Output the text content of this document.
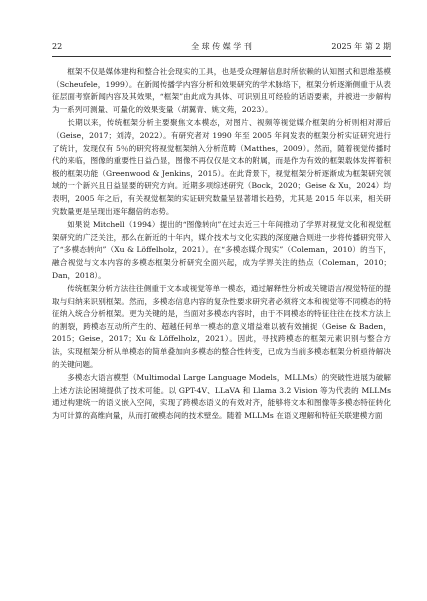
22	全 球 传 媒 学 刊	2025 年 第 2 期

框架不仅是媒体建构和整合社会现实的工具，也是受众理解信息时所依赖的认知图式和思维基模（Scheufele，1999）。在新闻传播学内容分析和效果研究的学术脉络下，框架分析逐渐侧重于从表征层面考察新闻内容及其效果，“框架”由此成为具体、可识别且可经验的话语要素，并被进一步解构为一系列可测量、可量化的效果变量（胡翼青、姚文苑，2023）。

长期以来，传统框架分析主要聚焦文本模态，对图片、视频等视觉媒介框架的分析则相对滞后（Geise，2017；刘涛，2022）。有研究者对 1990 年至 2005 年间发表的框架分析实证研究进行了统计，发现仅有 5％的研究将视觉框架纳入分析范畴（Matthes，2009）。然而，随着视觉传播时代的来临，图像的重要性日益凸显，图像不再仅仅是文本的附属，而是作为有效的框架载体发挥着积极的框架功能（Greenwood & Jenkins，2015）。在此背景下，视觉框架分析逐渐成为框架研究领域的一个新兴且日益显要的研究方向。近期多项综述研究（Bock，2020；Geise & Xu，2024）均表明，2005 年之后，有关视觉框架的实证研究数量呈显著增长趋势，尤其是 2015 年以来，相关研究数量更是呈现出逐年翻倍的态势。

如果说 Mitchell（1994）提出的“图像转向”在过去近三十年间推动了学界对视觉文化和视觉框架研究的广泛关注，那么在新近的十年内，媒介技术与文化实践的深度融合则进一步将传播研究带入了“多模态转向”（Xu & Löffelholz，2021）。在“多模态媒介现实”（Coleman，2010）的当下，融合视觉与文本内容的多模态框架分析研究全面兴起，成为学界关注的热点（Coleman，2010；Dan，2018）。

传统框架分析方法往往侧重于文本或视觉等单一模态，通过解释性分析或关键语言/视觉特征的提取与归纳来识别框架。然而，多模态信息内容的复杂性要求研究者必须将文本和视觉等不同模态的特征纳入统合分析框架。更为关键的是，当面对多模态内容时，由于不同模态的特征往往在技术方法上的割裂，跨模态互动所产生的、超越任何单一模态的意义增益难以被有效捕捉（Geise & Baden，2015；Geise，2017；Xu & Löffelholz，2021）。因此，寻找跨模态的框架元素识别与整合方法，实现框架分析从单模态的简单叠加向多模态的整合性转变，已成为当前多模态框架分析亟待解决的关键问题。

多模态大语言模型（Multimodal Large Language Models，MLLMs）的突破性进展为破解上述方法论困境提供了技术可能。以 GPT-4V、LLaVA 和 Llama 3.2 Vision 等为代表的 MLLMs 通过构建统一的语义嵌入空间，实现了跨模态语义的有效对齐，能够将文本和图像等多模态特征转化为可计算的高维向量，从而打破模态间的技术壁垒。随着 MLLMs 在语义理解和特征关联建模方面
